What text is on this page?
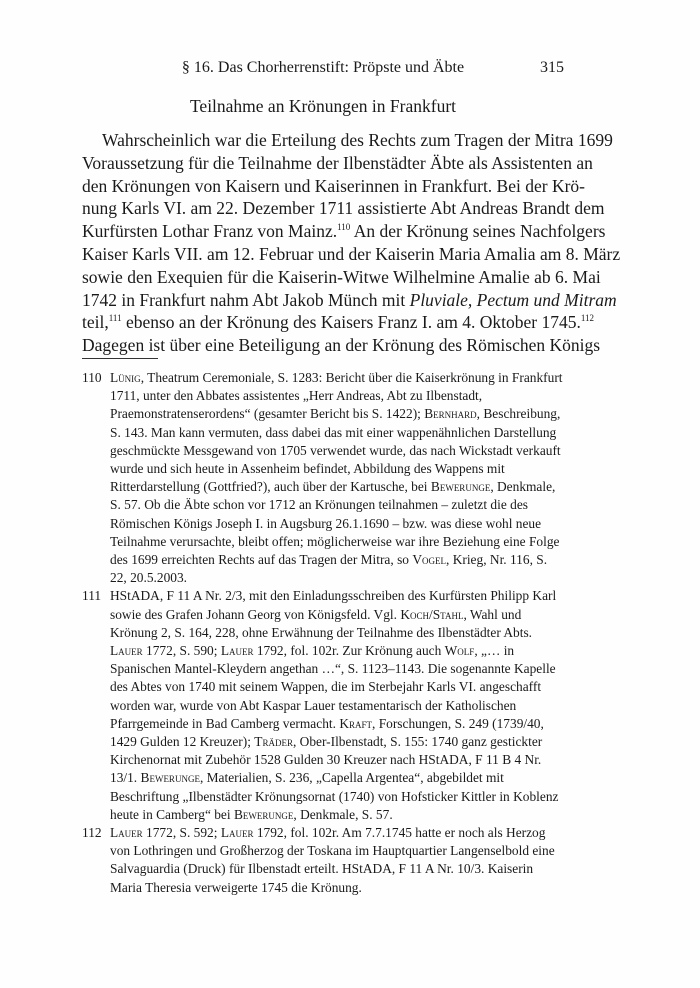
§ 16. Das Chorherrenstift: Pröpste und Äbte	315
Teilnahme an Krönungen in Frankfurt
Wahrscheinlich war die Erteilung des Rechts zum Tragen der Mitra 1699
Voraussetzung für die Teilnahme der Ilbenstädter Äbte als Assistenten an
den Krönungen von Kaisern und Kaiserinnen in Frankfurt. Bei der Krö-
nung Karls VI. am 22. Dezember 1711 assistierte Abt Andreas Brandt dem
Kurfürsten Lothar Franz von Mainz.$^{110}$ An der Krönung seines Nachfolgers
Kaiser Karls VII. am 12. Februar und der Kaiserin Maria Amalia am 8. März
sowie den Exequien für die Kaiserin-Witwe Wilhelmine Amalie ab 6. Mai
1742 in Frankfurt nahm Abt Jakob Münch mit Pluviale, Pectum und Mitram
teil,$^{111}$ ebenso an der Krönung des Kaisers Franz I. am 4. Oktober 1745.$^{112}$
Dagegen ist über eine Beteiligung an der Krönung des Römischen Königs
110 Lünig, Theatrum Ceremoniale, S. 1283: Bericht über die Kaiserkrönung in Frankfurt 1711, unter den Abbates assistentes „Herr Andreas, Abt zu Ilbenstadt, Praemonstratenserordens“ (gesamter Bericht bis S. 1422); Bernhard, Beschreibung, S. 143. Man kann vermuten, dass dabei das mit einer wappenähnlichen Darstellung geschmückte Messgewand von 1705 verwendet wurde, das nach Wickstadt verkauft wurde und sich heute in Assenheim befindet, Abbildung des Wappens mit Ritterdarstellung (Gottfried?), auch über der Kartusche, bei Bewerunge, Denkmale, S. 57. Ob die Äbte schon vor 1712 an Krönungen teilnahmen – zuletzt die des Römischen Königs Joseph I. in Augsburg 26.1.1690 – bzw. was diese wohl neue Teilnahme verursachte, bleibt offen; möglicherweise war ihre Beziehung eine Folge des 1699 erreichten Rechts auf das Tragen der Mitra, so Vogel, Krieg, Nr. 116, S. 22, 20.5.2003.
111 HStADA, F 11 A Nr. 2/3, mit den Einladungsschreiben des Kurfürsten Philipp Karl sowie des Grafen Johann Georg von Königsfeld. Vgl. Koch/Stahl, Wahl und Krönung 2, S. 164, 228, ohne Erwähnung der Teilnahme des Ilbenstädter Abts. Lauer 1772, S. 590; Lauer 1792, fol. 102r. Zur Krönung auch Wolf, „… in Spanischen Mantel-Kleydern angethan …“, S. 1123–1143. Die sogenannte Kapelle des Abtes von 1740 mit seinem Wappen, die im Sterbejahr Karls VI. angeschafft worden war, wurde von Abt Kaspar Lauer testamentarisch der Katholischen Pfarrgemeinde in Bad Camberg vermacht. Kraft, Forschungen, S. 249 (1739/40, 1429 Gulden 12 Kreuzer); Träder, Ober-Ilbenstadt, S. 155: 1740 ganz gestickter Kirchenornat mit Zubehör 1528 Gulden 30 Kreuzer nach HStADA, F 11 B 4 Nr. 13/1. Bewerunge, Materialien, S. 236, „Capella Argentea“, abgebildet mit Beschriftung „Ilbenstädter Krönungsornat (1740) von Hofsticker Kittler in Koblenz heute in Camberg“ bei Bewerunge, Denkmale, S. 57.
112 Lauer 1772, S. 592; Lauer 1792, fol. 102r. Am 7.7.1745 hatte er noch als Herzog von Lothringen und Großherzog der Toskana im Hauptquartier Langenselbold eine Salvaguardia (Druck) für Ilbenstadt erteilt. HStADA, F 11 A Nr. 10/3. Kaiserin Maria Theresia verweigerte 1745 die Krönung.
